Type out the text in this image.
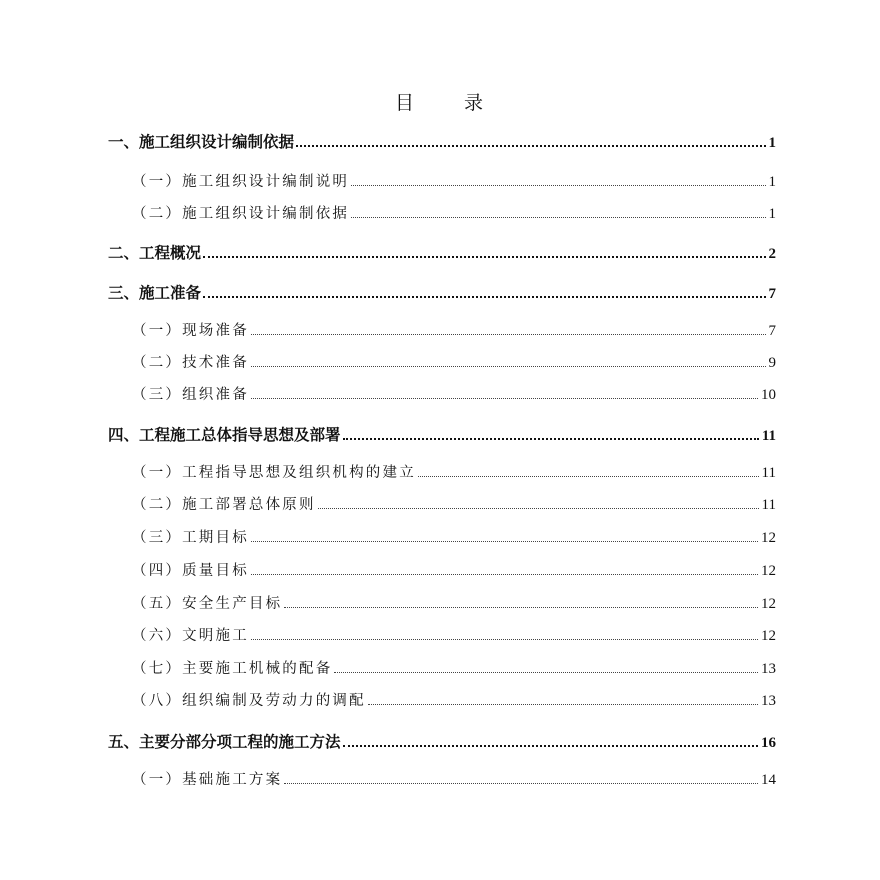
目	录
一、施工组织设计编制依据	1
（一）施工组织设计编制说明	1
（二）施工组织设计编制依据	1
二、工程概况	2
三、施工准备	7
（一）现场准备	7
（二）技术准备	9
（三）组织准备	10
四、工程施工总体指导思想及部署	11
（一）工程指导思想及组织机构的建立	11
（二）施工部署总体原则	11
（三）工期目标	12
（四）质量目标	12
（五）安全生产目标	12
（六）文明施工	12
（七）主要施工机械的配备	13
（八）组织编制及劳动力的调配	13
五、主要分部分项工程的施工方法	16
（一）基础施工方案	14
